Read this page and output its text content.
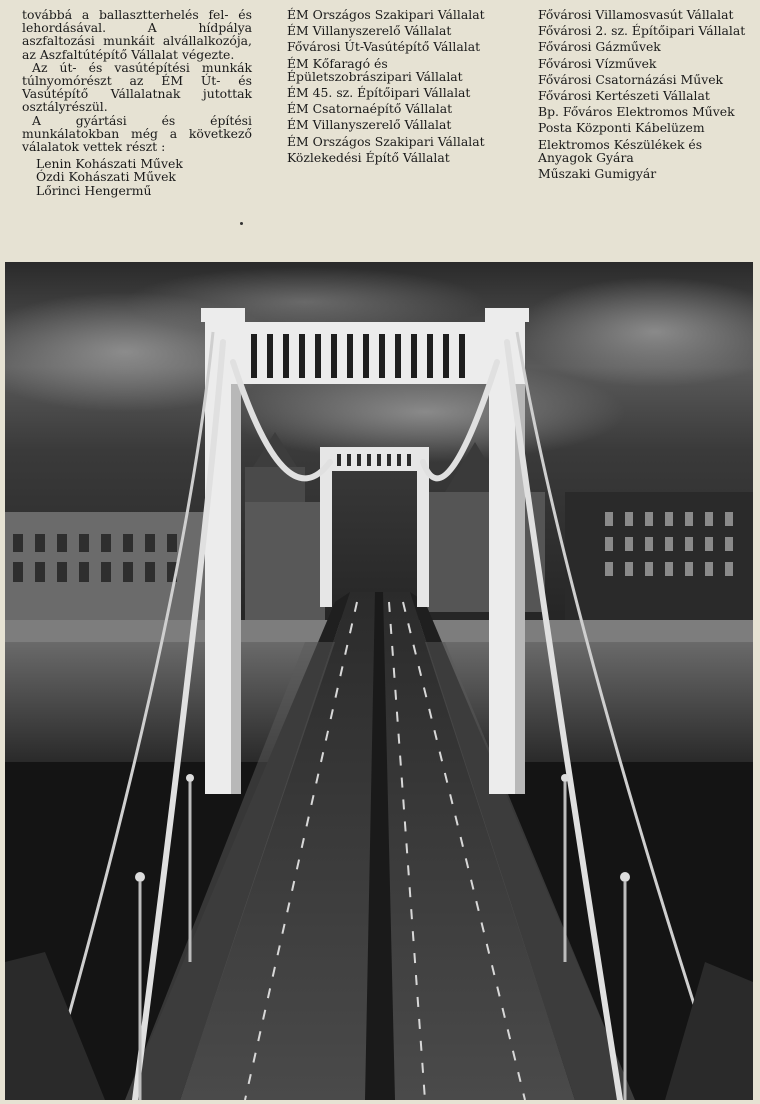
továbbá a ballasztterhelés fel- és lehordásával. A hídpálya aszfaltozási munkáit alvállalkozója, az Aszfaltútépítő Vállalat végezte.

Az út- és vasútépítési munkák túlnyomórészt az ÉM Út- és Vasútépítő Vállalatnak jutottak osztályrészül.

A gyártási és építési munkálatokban még a következő válalatok vettek részt :

Lenin Kohászati Művek
Ózdi Kohászati Művek
Lőrinci Hengermű

ÉM Országos Szakipari Vállalat

ÉM Villanyszerelő Vállalat

Fővárosi Út-Vasútépítő Vállalat

ÉM Kőfaragó és Épületszobrászipari Vállalat

ÉM 45. sz. Építőipari Vállalat

ÉM Csatornaépítő Vállalat

ÉM Villanyszerelő Vállalat

ÉM Országos Szakipari Vállalat

Közlekedési Építő Vállalat

Fővárosi Villamosvasút Vállalat

Fővárosi 2. sz. Építőipari Vállalat

Fővárosi Gázművek

Fővárosi Vízművek

Fővárosi Csatornázási Művek

Fővárosi Kertészeti Vállalat

Bp. Főváros Elektromos Művek

Posta Központi Kábelüzem

Elektromos Készülékek és Anyagok Gyára

Műszaki Gumigyár
